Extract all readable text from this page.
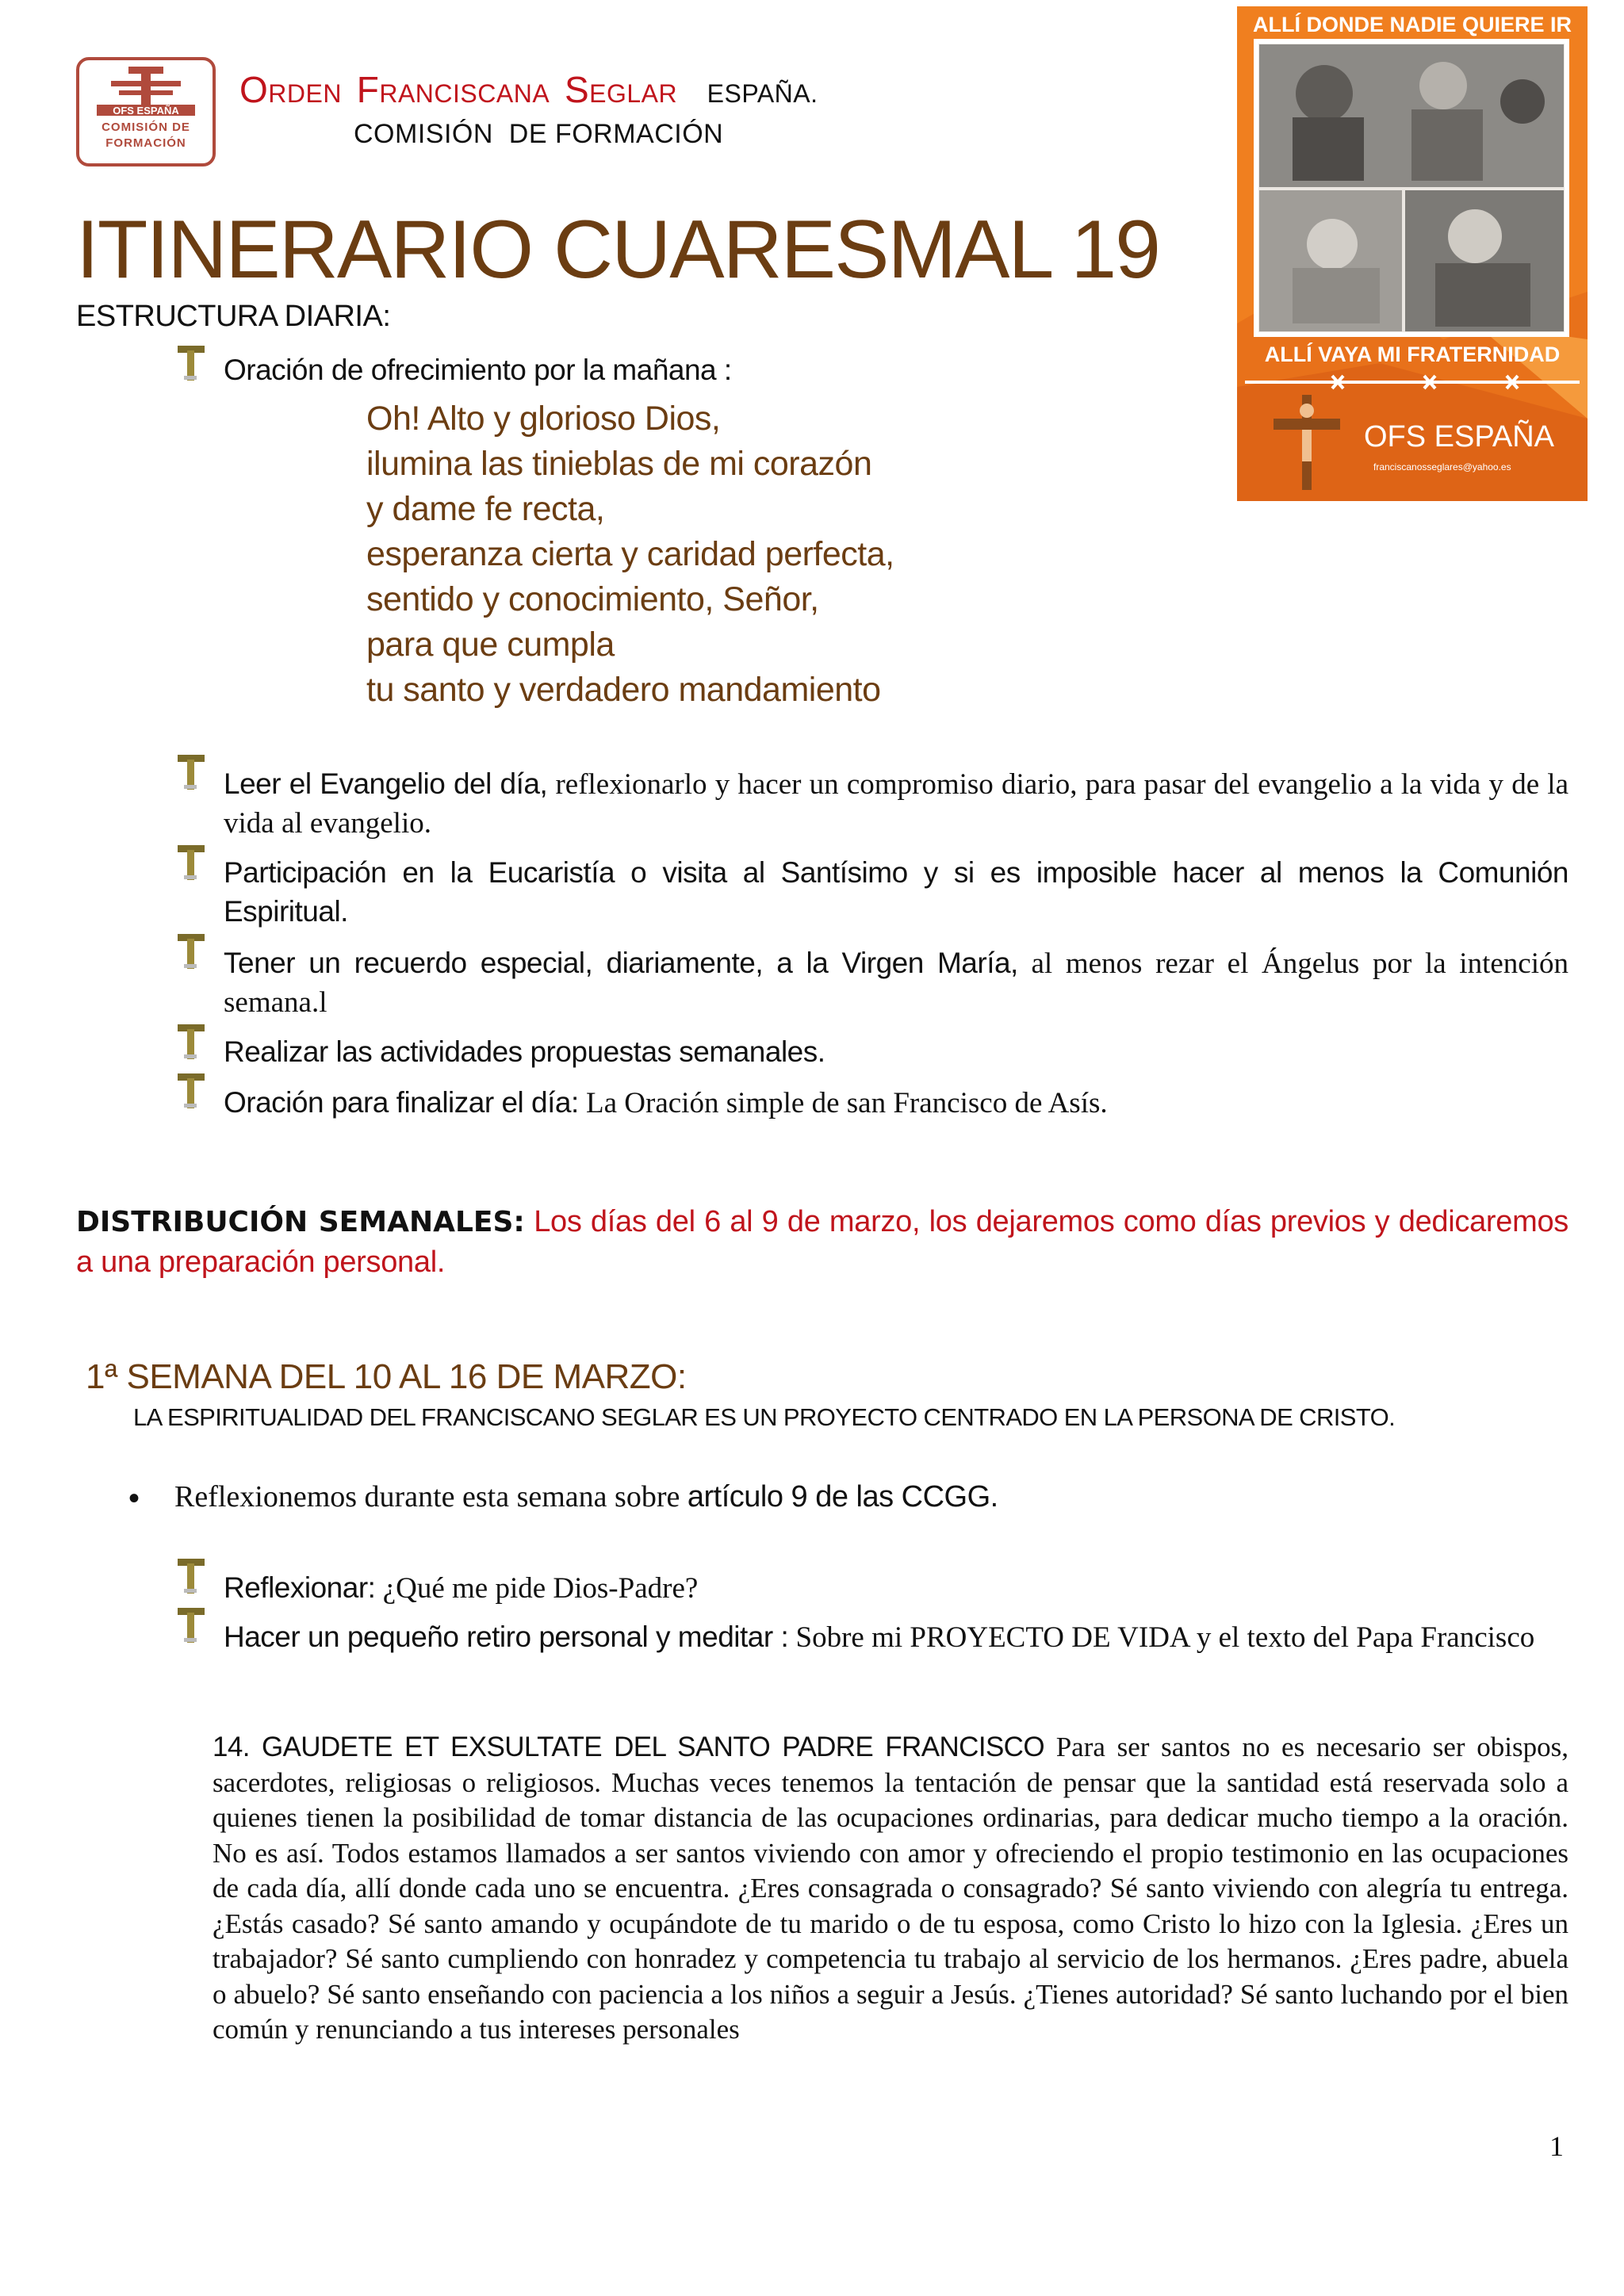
OFS ESPAÑA
COMISIÓN DE
FORMACIÓN
ORDEN FRANCISCANA SEGLAR ESPAÑA.
COMISIÓN  DE FORMACIÓN
ALLÍ DONDE NADIE QUIERE IR
ALLÍ VAYA MI FRATERNIDAD
OFS ESPAÑA
franciscanosseglares@yahoo.es
ITINERARIO CUARESMAL 19
ESTRUCTURA DIARIA:
Oración de ofrecimiento por la mañana :
Oh! Alto y glorioso Dios,
ilumina las tinieblas de mi corazón
y dame fe recta,
esperanza cierta y caridad perfecta,
sentido y conocimiento, Señor,
para que cumpla
tu santo y verdadero mandamiento
Leer el Evangelio del día, reflexionarlo y hacer un compromiso diario, para pasar del evangelio a la vida y de la vida al evangelio.
Participación en la Eucaristía o visita al Santísimo y si es imposible hacer al menos la Comunión Espiritual.
Tener un recuerdo especial, diariamente, a la Virgen María, al menos rezar el Ángelus por la intención semana.l
Realizar las actividades propuestas semanales.
Oración para finalizar el día: La Oración simple de san Francisco de Asís.
DISTRIBUCIÓN SEMANALES: Los días del 6 al 9 de marzo, los dejaremos como días previos y dedicaremos a una preparación personal.
1ª SEMANA DEL 10 AL 16 DE MARZO:
LA ESPIRITUALIDAD DEL FRANCISCANO SEGLAR ES UN PROYECTO CENTRADO EN LA PERSONA DE CRISTO.
• Reflexionemos durante esta semana sobre artículo 9 de las CCGG.
Reflexionar: ¿Qué me pide Dios-Padre?
Hacer un pequeño retiro personal y meditar : Sobre mi PROYECTO DE VIDA y el texto del Papa Francisco
14. GAUDETE ET EXSULTATE DEL SANTO PADRE FRANCISCO Para ser santos no es necesario ser obispos, sacerdotes, religiosas o religiosos. Muchas veces tenemos la tentación de pensar que la santidad está reservada solo a quienes tienen la posibilidad de tomar distancia de las ocupaciones ordinarias, para dedicar mucho tiempo a la oración. No es así. Todos estamos llamados a ser santos viviendo con amor y ofreciendo el propio testimonio en las ocupaciones de cada día, allí donde cada uno se encuentra. ¿Eres consagrada o consagrado? Sé santo viviendo con alegría tu entrega. ¿Estás casado? Sé santo amando y ocupándote de tu marido o de tu esposa, como Cristo lo hizo con la Iglesia. ¿Eres un trabajador? Sé santo cumpliendo con honradez y competencia tu trabajo al servicio de los hermanos. ¿Eres padre, abuela o abuelo? Sé santo enseñando con paciencia a los niños a seguir a Jesús. ¿Tienes autoridad? Sé santo luchando por el bien común y renunciando a tus intereses personales
1
